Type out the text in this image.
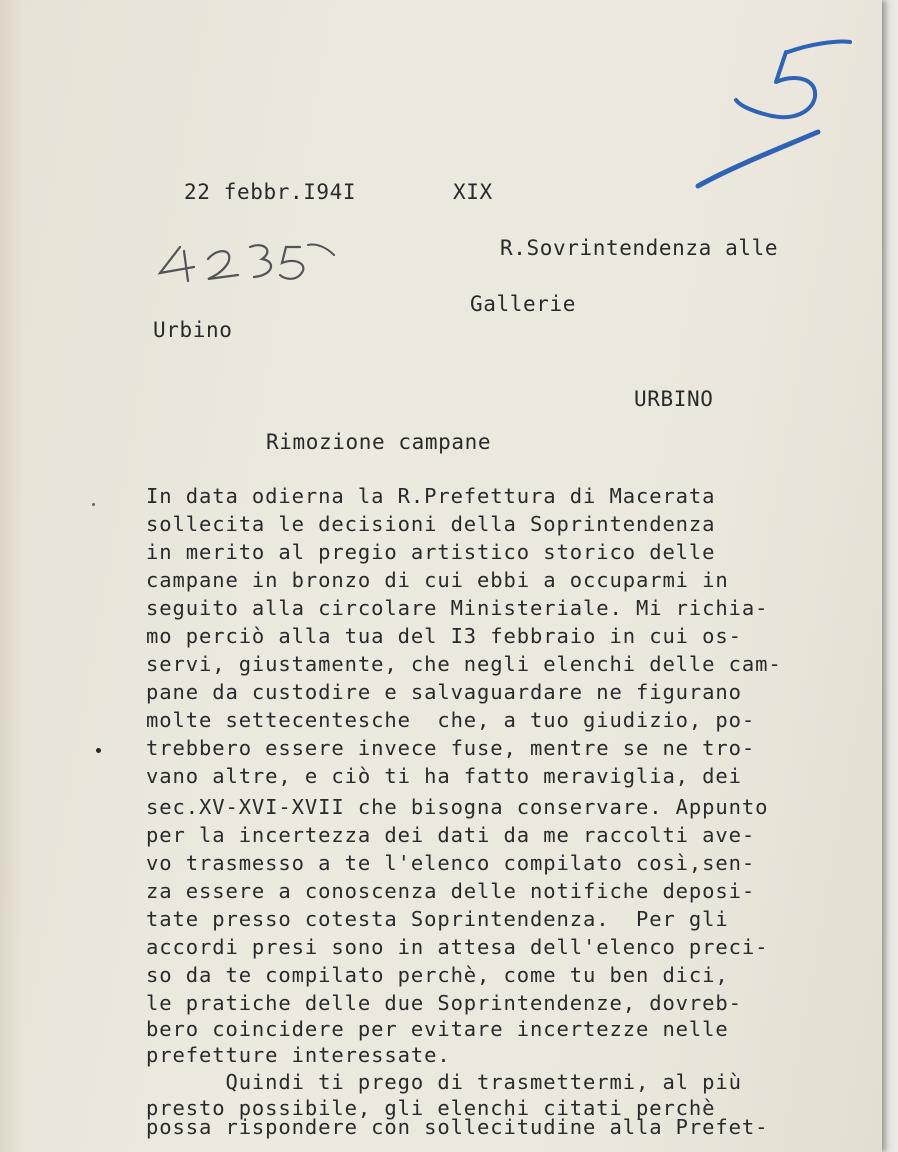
22 febbr.I94I	XIX
R.Sovrintendenza alle
Gallerie
Urbino
URBINO
Rimozione campane
In data odierna la R.Prefettura di Macerata
sollecita le decisioni della Soprintendenza
in merito al pregio artistico storico delle
campane in bronzo di cui ebbi a occuparmi in
seguito alla circolare Ministeriale. Mi richia-
mo perciò alla tua del I3 febbraio in cui os-
servi, giustamente, che negli elenchi delle cam-
pane da custodire e salvaguardare ne figurano
molte settecentesche  che, a tuo giudizio, po-
trebbero essere invece fuse, mentre se ne tro-
vano altre, e ciò ti ha fatto meraviglia, dei
sec.XV-XVI-XVII che bisogna conservare. Appunto
per la incertezza dei dati da me raccolti ave-
vo trasmesso a te l'elenco compilato così,sen-
za essere a conoscenza delle notifiche deposi-
tate presso cotesta Soprintendenza.  Per gli
accordi presi sono in attesa dell'elenco preci-
so da te compilato perchè, come tu ben dici,
le pratiche delle due Soprintendenze, dovreb-
bero coincidere per evitare incertezze nelle
prefetture interessate.
Quindi ti prego di trasmettermi, al più
presto possibile, gli elenchi citati perchè
possa rispondere con sollecitudine alla Prefet-
